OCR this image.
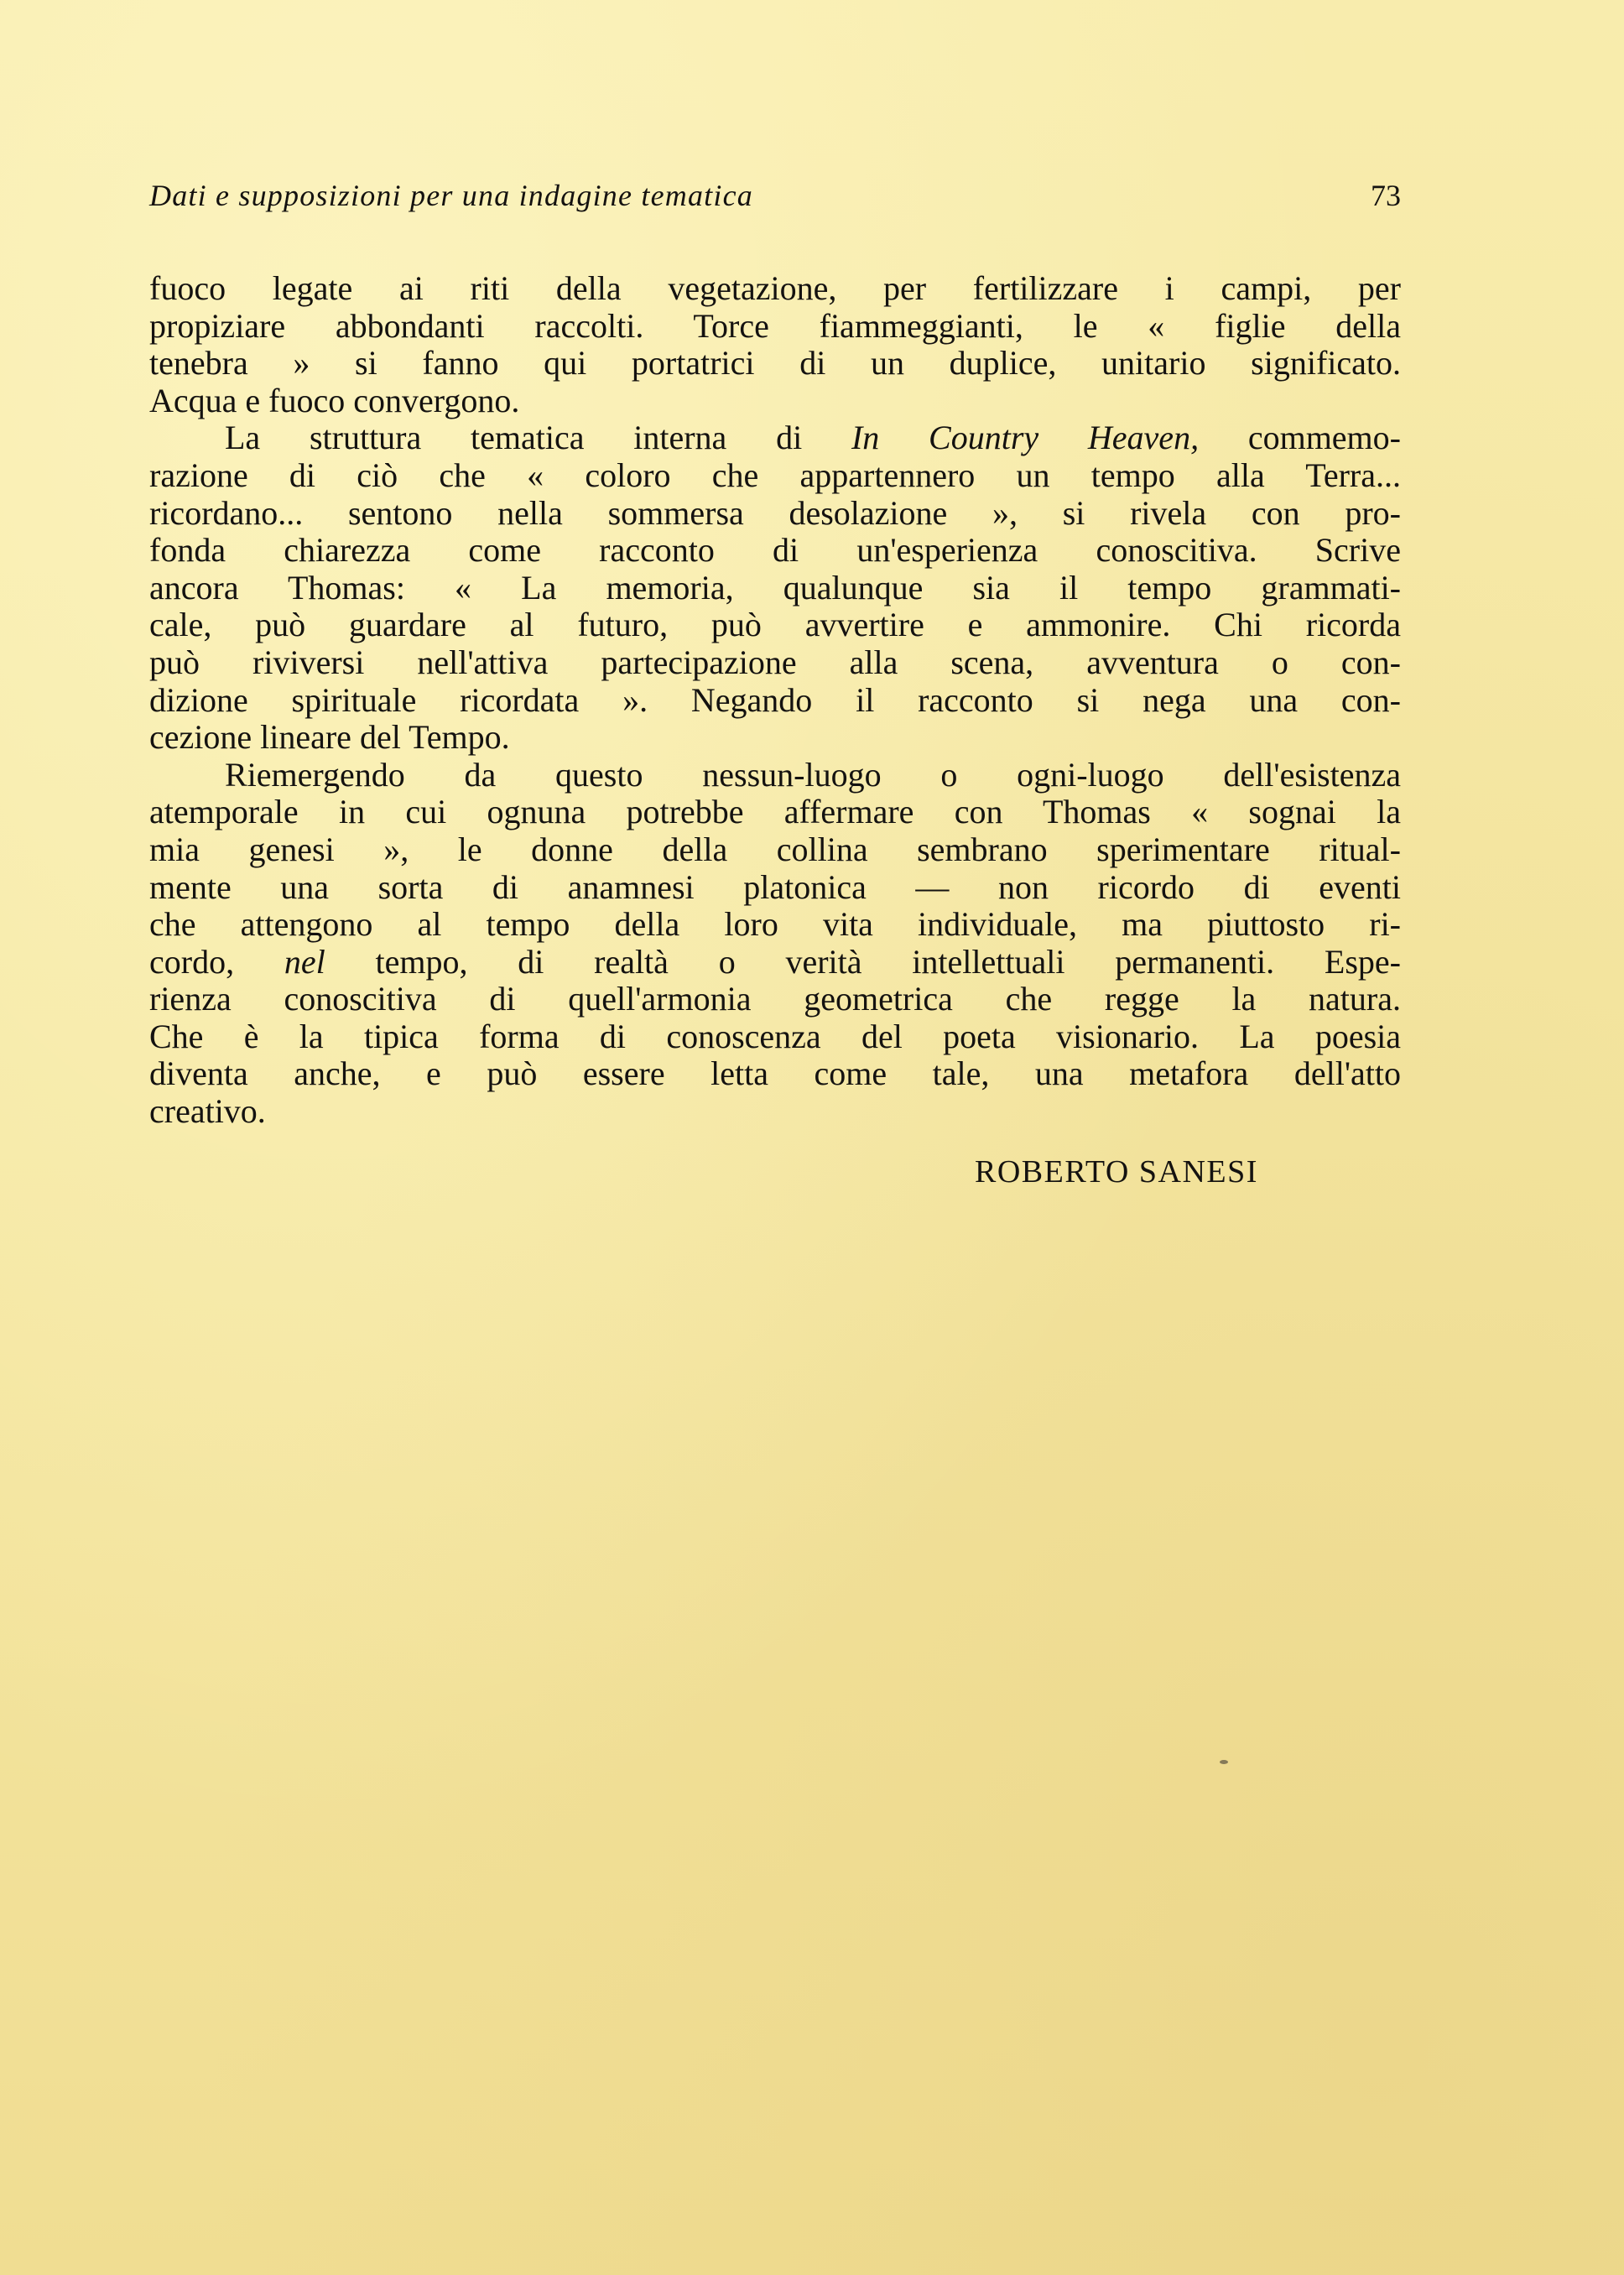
Dati e supposizioni per una indagine tematica	73
fuoco legate ai riti della vegetazione, per fertilizzare i campi, per
propiziare abbondanti raccolti. Torce fiammeggianti, le « figlie della
tenebra » si fanno qui portatrici di un duplice, unitario significato.
Acqua e fuoco convergono.
La struttura tematica interna di In Country Heaven, commemo-
razione di ciò che « coloro che appartennero un tempo alla Terra...
ricordano... sentono nella sommersa desolazione », si rivela con pro-
fonda chiarezza come racconto di un'esperienza conoscitiva. Scrive
ancora Thomas: « La memoria, qualunque sia il tempo grammati-
cale, può guardare al futuro, può avvertire e ammonire. Chi ricorda
può riviversi nell'attiva partecipazione alla scena, avventura o con-
dizione spirituale ricordata ». Negando il racconto si nega una con-
cezione lineare del Tempo.
Riemergendo da questo nessun-luogo o ogni-luogo dell'esistenza
atemporale in cui ognuna potrebbe affermare con Thomas « sognai la
mia genesi », le donne della collina sembrano sperimentare ritual-
mente una sorta di anamnesi platonica — non ricordo di eventi
che attengono al tempo della loro vita individuale, ma piuttosto ri-
cordo, nel tempo, di realtà o verità intellettuali permanenti. Espe-
rienza conoscitiva di quell'armonia geometrica che regge la natura.
Che è la tipica forma di conoscenza del poeta visionario. La poesia
diventa anche, e può essere letta come tale, una metafora dell'atto
creativo.
ROBERTO SANESI
